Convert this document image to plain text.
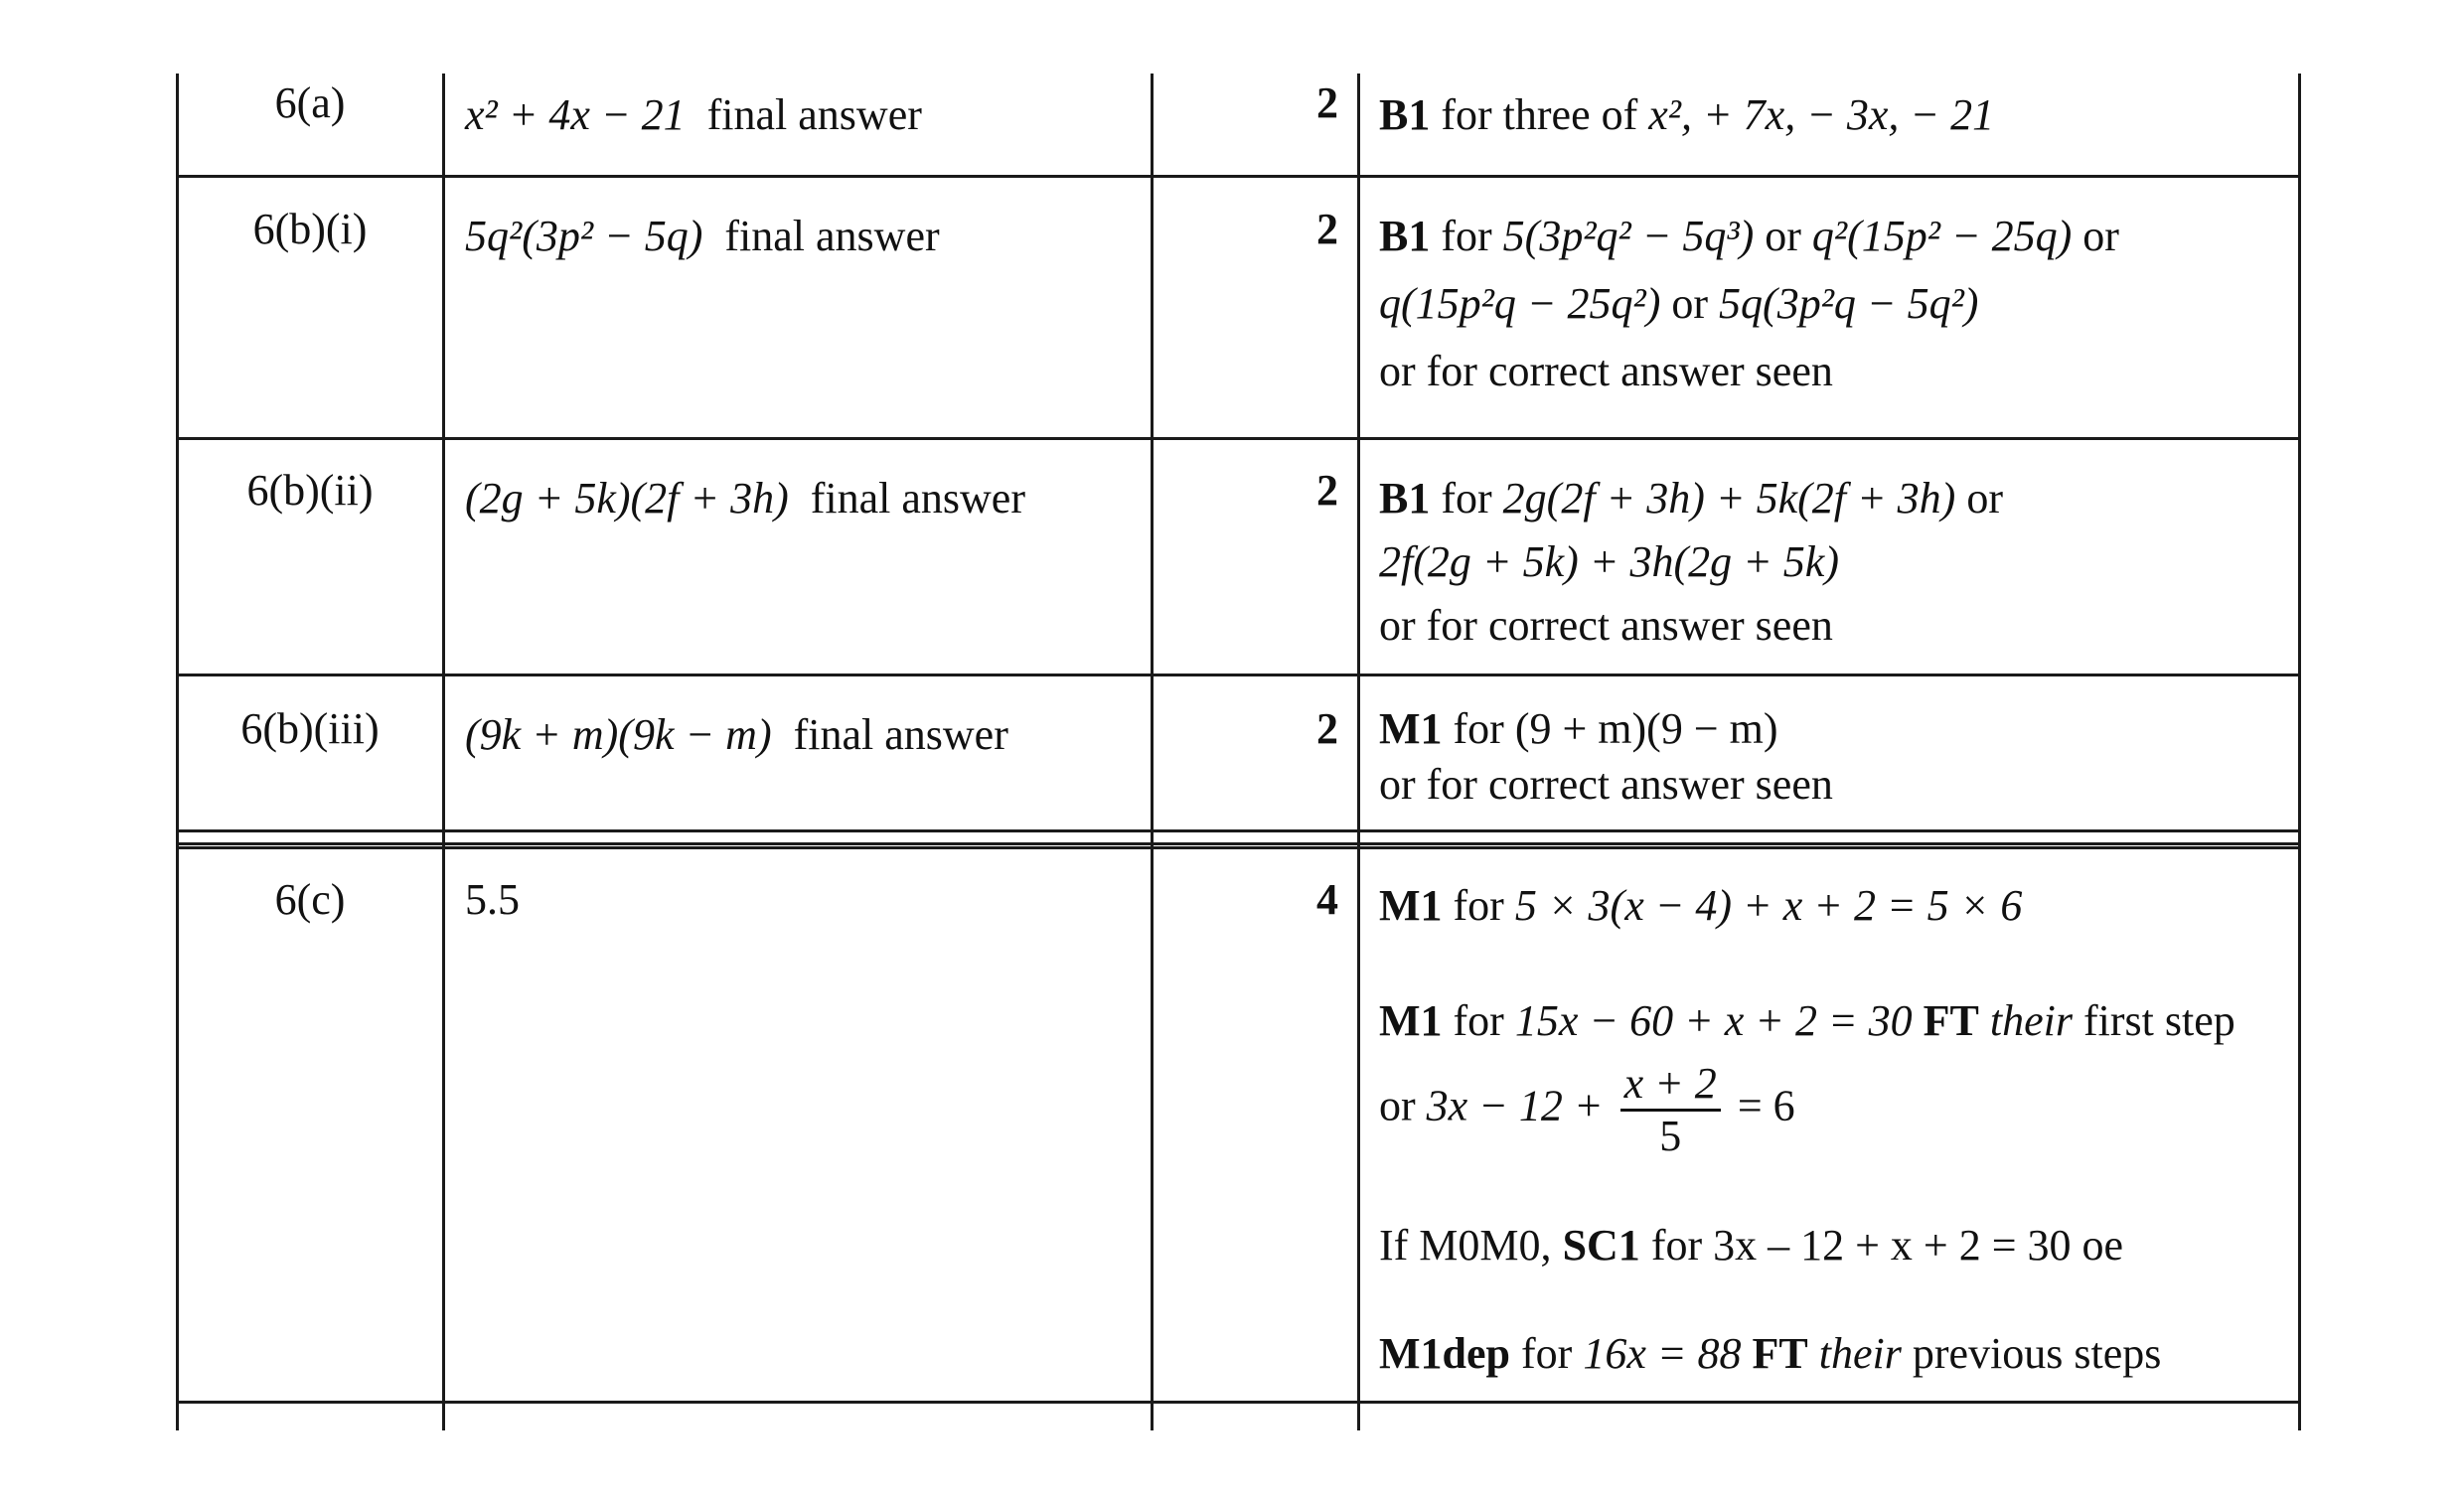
6(a)	x² + 4x − 21 final answer	2 B1 for three of x², + 7x, − 3x, − 21
6(b)(i)	5q²(3p² − 5q) final answer	2 B1 for 5(3p²q² − 5q³) or q²(15p² − 25q) or
q(15p²q − 25q²) or 5q(3p²q − 5q²)
or for correct answer seen
6(b)(ii)	(2g + 5k)(2f + 3h) final answer	2 B1 for 2g(2f + 3h) + 5k(2f + 3h) or
2f(2g + 5k) + 3h(2g + 5k)
or for correct answer seen
6(b)(iii)	(9k + m)(9k − m) final answer	2 M1 for (9 + m)(9 − m)
or for correct answer seen
6(c)	5.5	4 M1 for 5 × 3(x − 4) + x + 2 = 5 × 6
M1 for 15x − 60 + x + 2 = 30 FT their first step
or $3x - 12 + \frac{x + 2}{5} = 6$
If M0M0, SC1 for 3x – 12 + x + 2 = 30 oe
M1dep for 16x = 88 FT their previous steps
